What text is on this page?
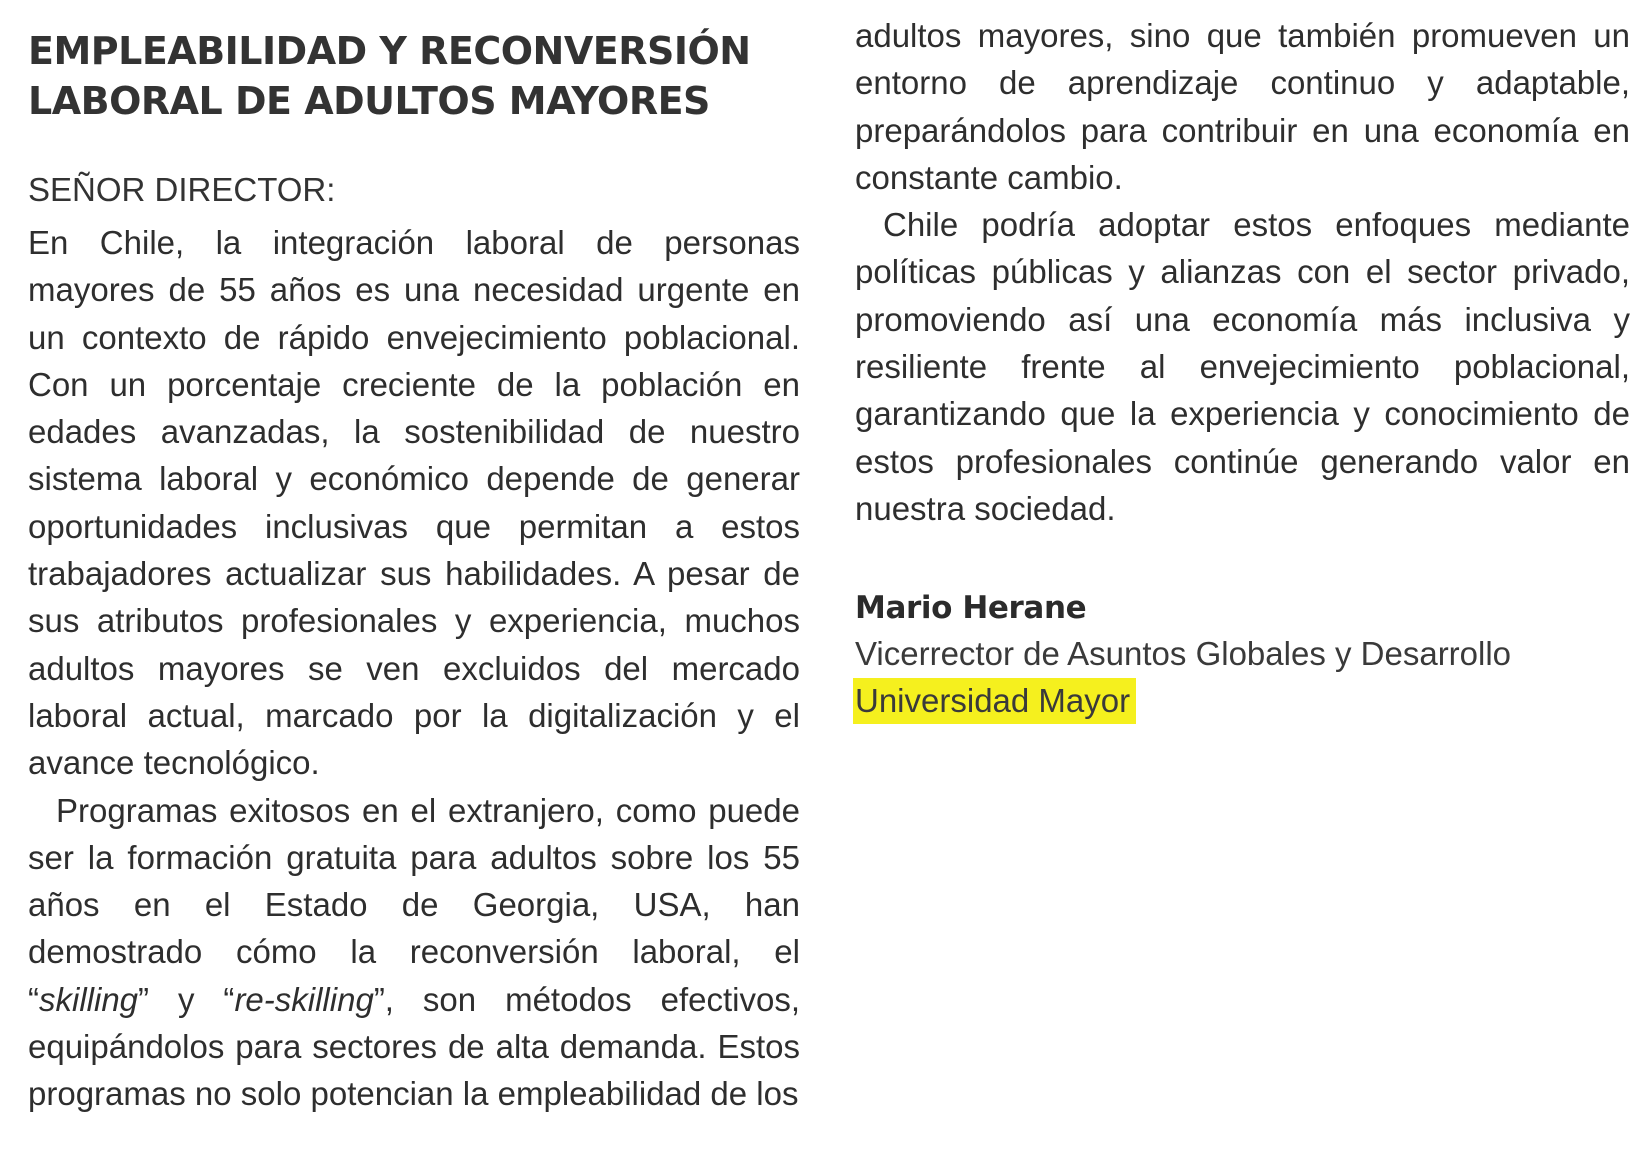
EMPLEABILIDAD Y RECONVERSIÓN
LABORAL DE ADULTOS MAYORES
SEÑOR DIRECTOR:

En Chile, la integración laboral de personas mayores de 55 años es una necesidad urgente en un contexto de rápido envejecimiento poblacional. Con un porcentaje creciente de la población en edades avanzadas, la sostenibilidad de nuestro sistema laboral y económico depende de generar oportunidades inclusivas que permitan a estos trabajadores actualizar sus habilidades. A pesar de sus atributos profesionales y experiencia, muchos adultos mayores se ven excluidos del mercado laboral actual, marcado por la digitalización y el avance tecnológico.

Programas exitosos en el extranjero, como puede ser la formación gratuita para adultos sobre los 55 años en el Estado de Georgia, USA, han demostrado cómo la reconversión laboral, el “skilling” y “re-skilling”, son métodos efectivos, equipándolos para sectores de alta demanda. Estos programas no solo potencian la empleabilidad de los

adultos mayores, sino que también promueven un entorno de aprendizaje continuo y adaptable, preparándolos para contribuir en una economía en constante cambio.

Chile podría adoptar estos enfoques mediante políticas públicas y alianzas con el sector privado, promoviendo así una economía más inclusiva y resiliente frente al envejecimiento poblacional, garantizando que la experiencia y conocimiento de estos profesionales continúe generando valor en nuestra sociedad.

Mario Herane
Vicerrector de Asuntos Globales y Desarrollo
Universidad Mayor
